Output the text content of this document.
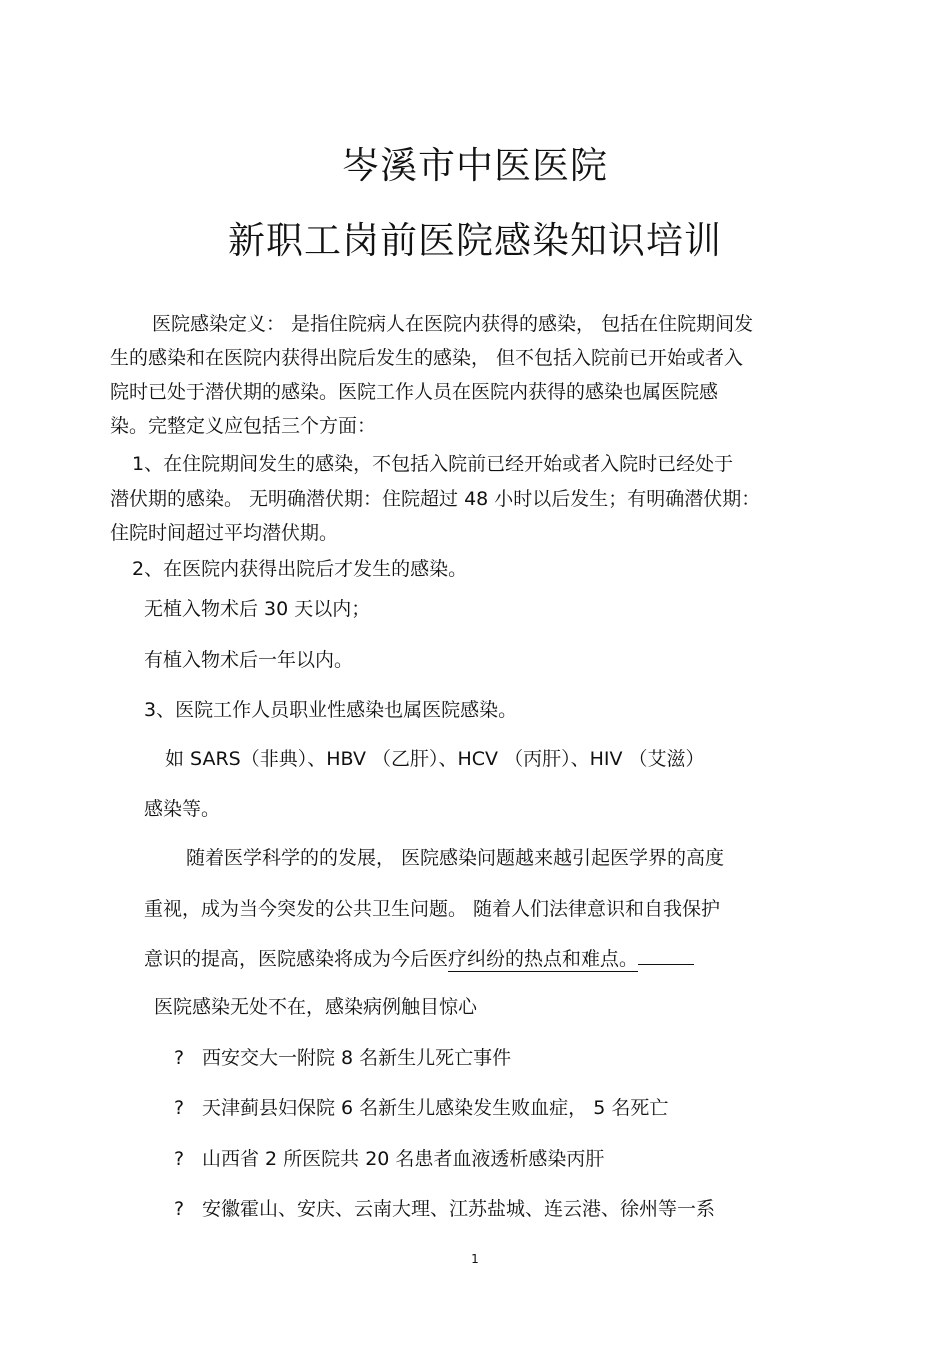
岑溪市中医医院
新职工岗前医院感染知识培训

医院感染定义： 是指住院病人在医院内获得的感染， 包括在住院期间发

生的感染和在医院内获得出院后发生的感染， 但不包括入院前已开始或者入

院时已处于潜伏期的感染。医院工作人员在医院内获得的感染也属医院感

染。完整定义应包括三个方面：

1、在住院期间发生的感染，不包括入院前已经开始或者入院时已经处于

潜伏期的感染。 无明确潜伏期：住院超过 48 小时以后发生；有明确潜伏期：

住院时间超过平均潜伏期。

2、在医院内获得出院后才发生的感染。

无植入物术后 30 天以内；

有植入物术后一年以内。

3、医院工作人员职业性感染也属医院感染。

如 SARS（非典）、HBV （乙肝）、HCV （丙肝）、HIV （艾滋）

感染等。

随着医学科学的的发展， 医院感染问题越来越引起医学界的高度

重视，成为当今突发的公共卫生问题。 随着人们法律意识和自我保护

意识的提高，医院感染将成为今后医疗纠纷的热点和难点。

医院感染无处不在，感染病例触目惊心

? 西安交大一附院 8 名新生儿死亡事件

? 天津蓟县妇保院 6 名新生儿感染发生败血症， 5 名死亡

? 山西省 2 所医院共 20 名患者血液透析感染丙肝

? 安徽霍山、安庆、云南大理、江苏盐城、连云港、徐州等一系

1
